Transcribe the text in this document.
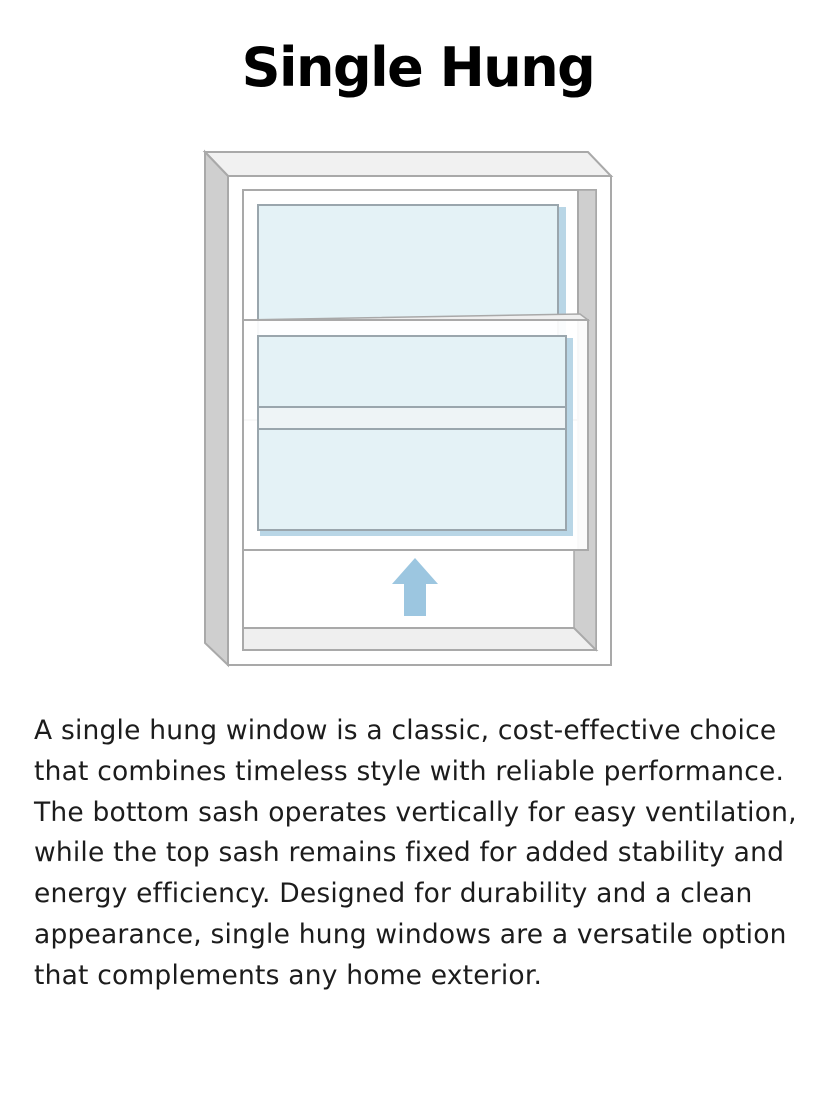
Single Hung

A single hung window is a classic, cost-effective choice that combines timeless style with reliable performance. The bottom sash operates vertically for easy ventilation, while the top sash remains fixed for added stability and energy efficiency. Designed for durability and a clean appearance, single hung windows are a versatile option that complements any home exterior.
